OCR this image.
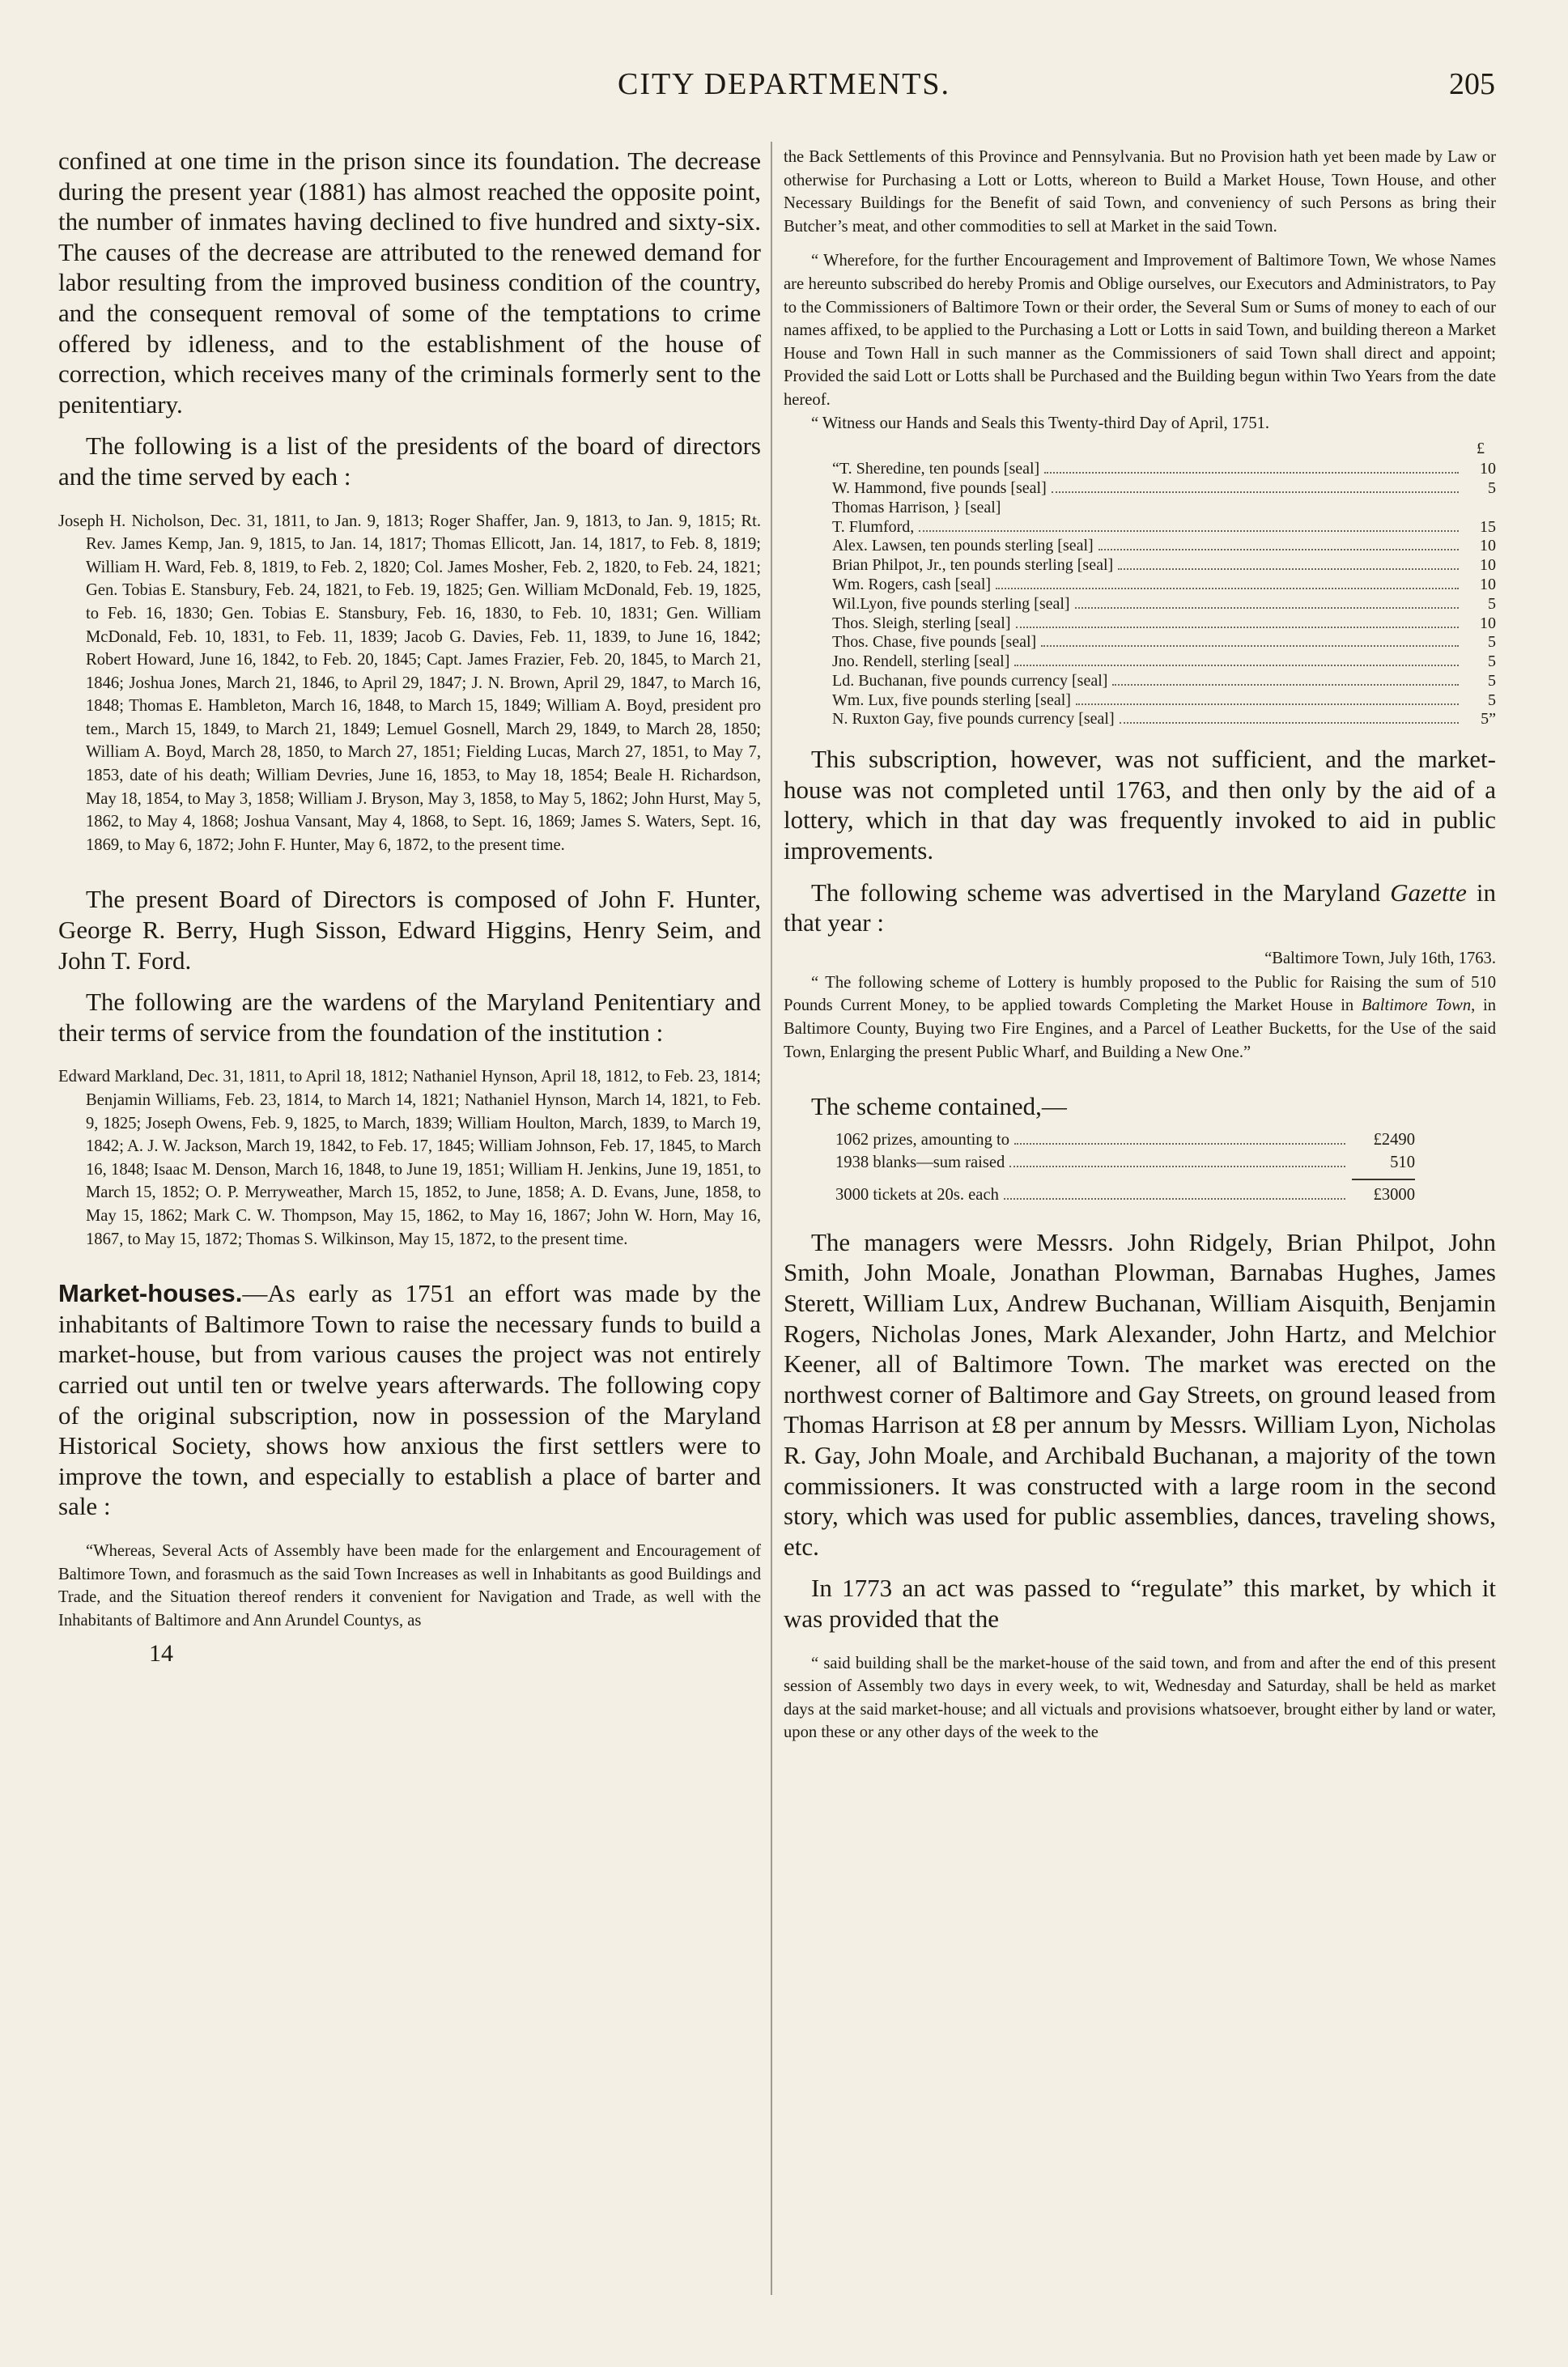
CITY DEPARTMENTS.	205

confined at one time in the prison since its foundation. The decrease during the present year (1881) has almost reached the opposite point, the number of inmates having declined to five hundred and sixty-six. The causes of the decrease are attributed to the renewed demand for labor resulting from the improved business condition of the country, and the consequent removal of some of the temptations to crime offered by idleness, and to the establishment of the house of correction, which receives many of the criminals formerly sent to the penitentiary.

The following is a list of the presidents of the board of directors and the time served by each :

Joseph H. Nicholson, Dec. 31, 1811, to Jan. 9, 1813; Roger Shaffer, Jan. 9, 1813, to Jan. 9, 1815; Rt. Rev. James Kemp, Jan. 9, 1815, to Jan. 14, 1817; Thomas Ellicott, Jan. 14, 1817, to Feb. 8, 1819; William H. Ward, Feb. 8, 1819, to Feb. 2, 1820; Col. James Mosher, Feb. 2, 1820, to Feb. 24, 1821; Gen. Tobias E. Stansbury, Feb. 24, 1821, to Feb. 19, 1825; Gen. William McDonald, Feb. 19, 1825, to Feb. 16, 1830; Gen. Tobias E. Stansbury, Feb. 16, 1830, to Feb. 10, 1831; Gen. William McDonald, Feb. 10, 1831, to Feb. 11, 1839; Jacob G. Davies, Feb. 11, 1839, to June 16, 1842; Robert Howard, June 16, 1842, to Feb. 20, 1845; Capt. James Frazier, Feb. 20, 1845, to March 21, 1846; Joshua Jones, March 21, 1846, to April 29, 1847; J. N. Brown, April 29, 1847, to March 16, 1848; Thomas E. Hambleton, March 16, 1848, to March 15, 1849; William A. Boyd, president pro tem., March 15, 1849, to March 21, 1849; Lemuel Gosnell, March 29, 1849, to March 28, 1850; William A. Boyd, March 28, 1850, to March 27, 1851; Fielding Lucas, March 27, 1851, to May 7, 1853, date of his death; William Devries, June 16, 1853, to May 18, 1854; Beale H. Richardson, May 18, 1854, to May 3, 1858; William J. Bryson, May 3, 1858, to May 5, 1862; John Hurst, May 5, 1862, to May 4, 1868; Joshua Vansant, May 4, 1868, to Sept. 16, 1869; James S. Waters, Sept. 16, 1869, to May 6, 1872; John F. Hunter, May 6, 1872, to the present time.

The present Board of Directors is composed of John F. Hunter, George R. Berry, Hugh Sisson, Edward Higgins, Henry Seim, and John T. Ford.

The following are the wardens of the Maryland Penitentiary and their terms of service from the foundation of the institution :

Edward Markland, Dec. 31, 1811, to April 18, 1812; Nathaniel Hynson, April 18, 1812, to Feb. 23, 1814; Benjamin Williams, Feb. 23, 1814, to March 14, 1821; Nathaniel Hynson, March 14, 1821, to Feb. 9, 1825; Joseph Owens, Feb. 9, 1825, to March, 1839; William Houlton, March, 1839, to March 19, 1842; A. J. W. Jackson, March 19, 1842, to Feb. 17, 1845; William Johnson, Feb. 17, 1845, to March 16, 1848; Isaac M. Denson, March 16, 1848, to June 19, 1851; William H. Jenkins, June 19, 1851, to March 15, 1852; O. P. Merryweather, March 15, 1852, to June, 1858; A. D. Evans, June, 1858, to May 15, 1862; Mark C. W. Thompson, May 15, 1862, to May 16, 1867; John W. Horn, May 16, 1867, to May 15, 1872; Thomas S. Wilkinson, May 15, 1872, to the present time.

Market-houses.—As early as 1751 an effort was made by the inhabitants of Baltimore Town to raise the necessary funds to build a market-house, but from various causes the project was not entirely carried out until ten or twelve years afterwards. The following copy of the original subscription, now in possession of the Maryland Historical Society, shows how anxious the first settlers were to improve the town, and especially to establish a place of barter and sale :

“Whereas, Several Acts of Assembly have been made for the enlargement and Encouragement of Baltimore Town, and forasmuch as the said Town Increases as well in Inhabitants as good Buildings and Trade, and the Situation thereof renders it convenient for Navigation and Trade, as well with the Inhabitants of Baltimore and Ann Arundel Countys, as

14

the Back Settlements of this Province and Pennsylvania. But no Provision hath yet been made by Law or otherwise for Purchasing a Lott or Lotts, whereon to Build a Market House, Town House, and other Necessary Buildings for the Benefit of said Town, and conveniency of such Persons as bring their Butcher’s meat, and other commodities to sell at Market in the said Town.

“ Wherefore, for the further Encouragement and Improvement of Baltimore Town, We whose Names are hereunto subscribed do hereby Promis and Oblige ourselves, our Executors and Administrators, to Pay to the Commissioners of Baltimore Town or their order, the Several Sum or Sums of money to each of our names affixed, to be applied to the Purchasing a Lott or Lotts in said Town, and building thereon a Market House and Town Hall in such manner as the Commissioners of said Town shall direct and appoint; Provided the said Lott or Lotts shall be Purchased and the Building begun within Two Years from the date hereof.

“ Witness our Hands and Seals this Twenty-third Day of April, 1751.

£
“T. Sheredine, ten pounds [seal]	10
W. Hammond, five pounds [seal]	5
Thomas Harrison, } [seal]
T. Flumford,	15
Alex. Lawsen, ten pounds sterling [seal]	10
Brian Philpot, Jr., ten pounds sterling [seal]	10
Wm. Rogers, cash [seal]	10
Wil.Lyon, five pounds sterling [seal]	5
Thos. Sleigh, sterling [seal]	10
Thos. Chase, five pounds [seal]	5
Jno. Rendell, sterling [seal]	5
Ld. Buchanan, five pounds currency [seal]	5
Wm. Lux, five pounds sterling [seal]	5
N. Ruxton Gay, five pounds currency [seal]	5”

This subscription, however, was not sufficient, and the market-house was not completed until 1763, and then only by the aid of a lottery, which in that day was frequently invoked to aid in public improvements.

The following scheme was advertised in the Maryland Gazette in that year :

“Baltimore Town, July 16th, 1763.

“ The following scheme of Lottery is humbly proposed to the Public for Raising the sum of 510 Pounds Current Money, to be applied towards Completing the Market House in Baltimore Town, in Baltimore County, Buying two Fire Engines, and a Parcel of Leather Bucketts, for the Use of the said Town, Enlarging the present Public Wharf, and Building a New One.”

The scheme contained,—

1062 prizes, amounting to	£2490
1938 blanks—sum raised	510
3000 tickets at 20s. each	£3000

The managers were Messrs. John Ridgely, Brian Philpot, John Smith, John Moale, Jonathan Plowman, Barnabas Hughes, James Sterett, William Lux, Andrew Buchanan, William Aisquith, Benjamin Rogers, Nicholas Jones, Mark Alexander, John Hartz, and Melchior Keener, all of Baltimore Town. The market was erected on the northwest corner of Baltimore and Gay Streets, on ground leased from Thomas Harrison at £8 per annum by Messrs. William Lyon, Nicholas R. Gay, John Moale, and Archibald Buchanan, a majority of the town commissioners. It was constructed with a large room in the second story, which was used for public assemblies, dances, traveling shows, etc.

In 1773 an act was passed to “regulate” this market, by which it was provided that the

“ said building shall be the market-house of the said town, and from and after the end of this present session of Assembly two days in every week, to wit, Wednesday and Saturday, shall be held as market days at the said market-house; and all victuals and provisions whatsoever, brought either by land or water, upon these or any other days of the week to the
